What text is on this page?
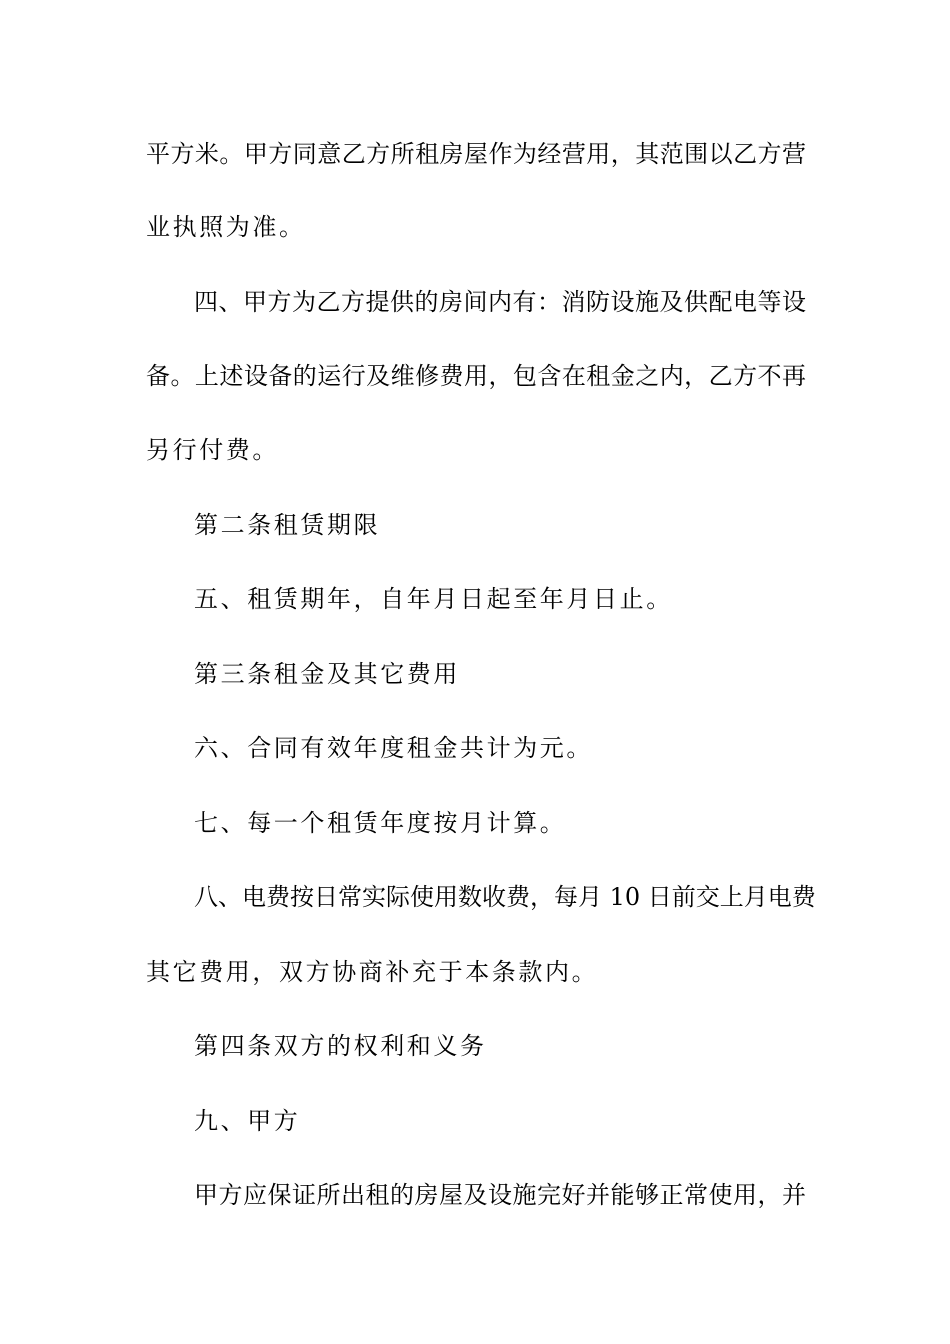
平方米。甲方同意乙方所租房屋作为经营用，其范围以乙方营
业执照为准。
四、甲方为乙方提供的房间内有：消防设施及供配电等设
备。上述设备的运行及维修费用，包含在租金之内，乙方不再
另行付费。
第二条租赁期限
五、租赁期年，自年月日起至年月日止。
第三条租金及其它费用
六、合同有效年度租金共计为元。
七、每一个租赁年度按月计算。
八、电费按日常实际使用数收费，每月 10 日前交上月电费
其它费用，双方协商补充于本条款内。
第四条双方的权利和义务
九、甲方
甲方应保证所出租的房屋及设施完好并能够正常使用，并
